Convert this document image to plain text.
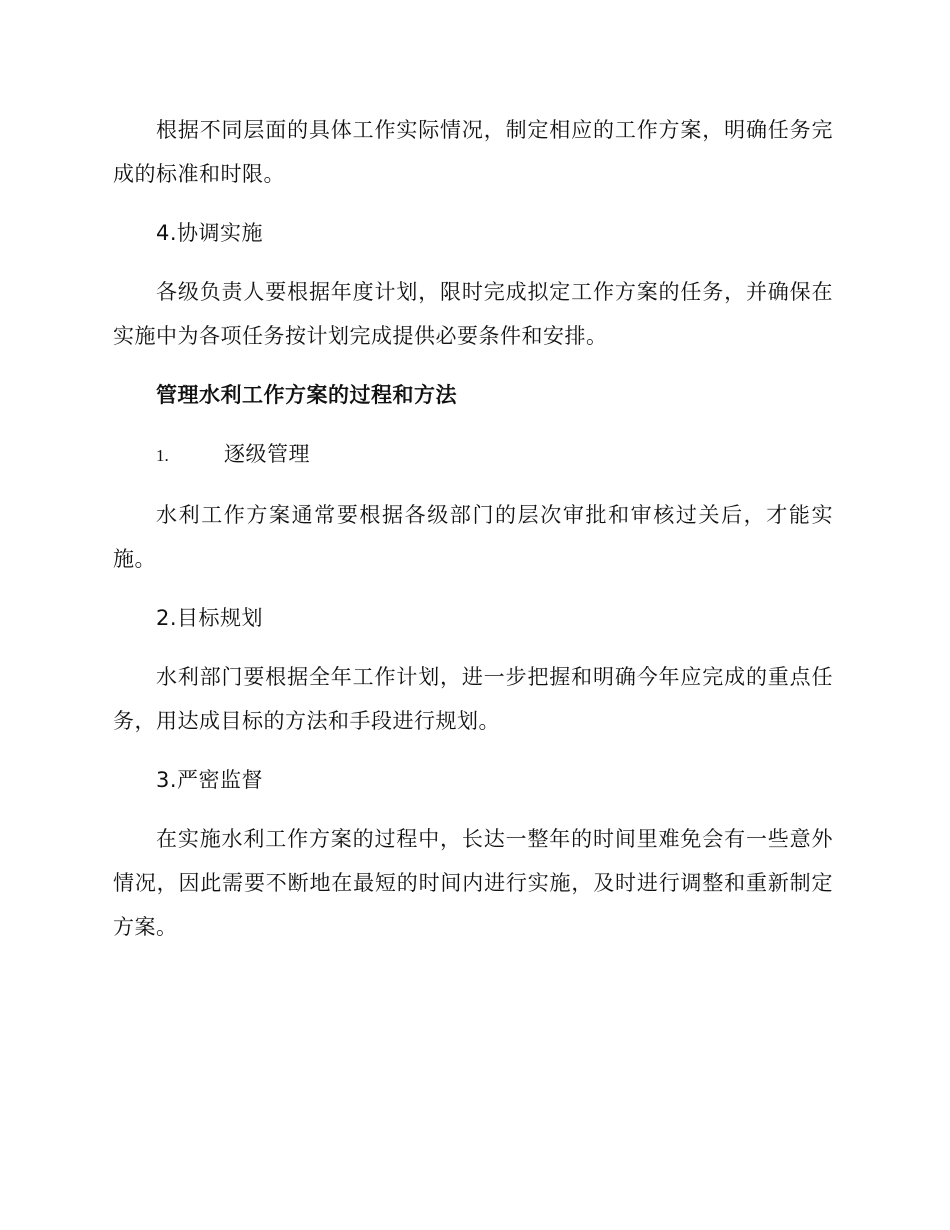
根据不同层面的具体工作实际情况，制定相应的工作方案，明确任务完成的标准和时限。

4.协调实施

各级负责人要根据年度计划，限时完成拟定工作方案的任务，并确保在实施中为各项任务按计划完成提供必要条件和安排。

管理水利工作方案的过程和方法

1.	逐级管理

水利工作方案通常要根据各级部门的层次审批和审核过关后，才能实施。

2.目标规划

水利部门要根据全年工作计划，进一步把握和明确今年应完成的重点任务，用达成目标的方法和手段进行规划。

3.严密监督

在实施水利工作方案的过程中，长达一整年的时间里难免会有一些意外情况，因此需要不断地在最短的时间内进行实施，及时进行调整和重新制定方案。
